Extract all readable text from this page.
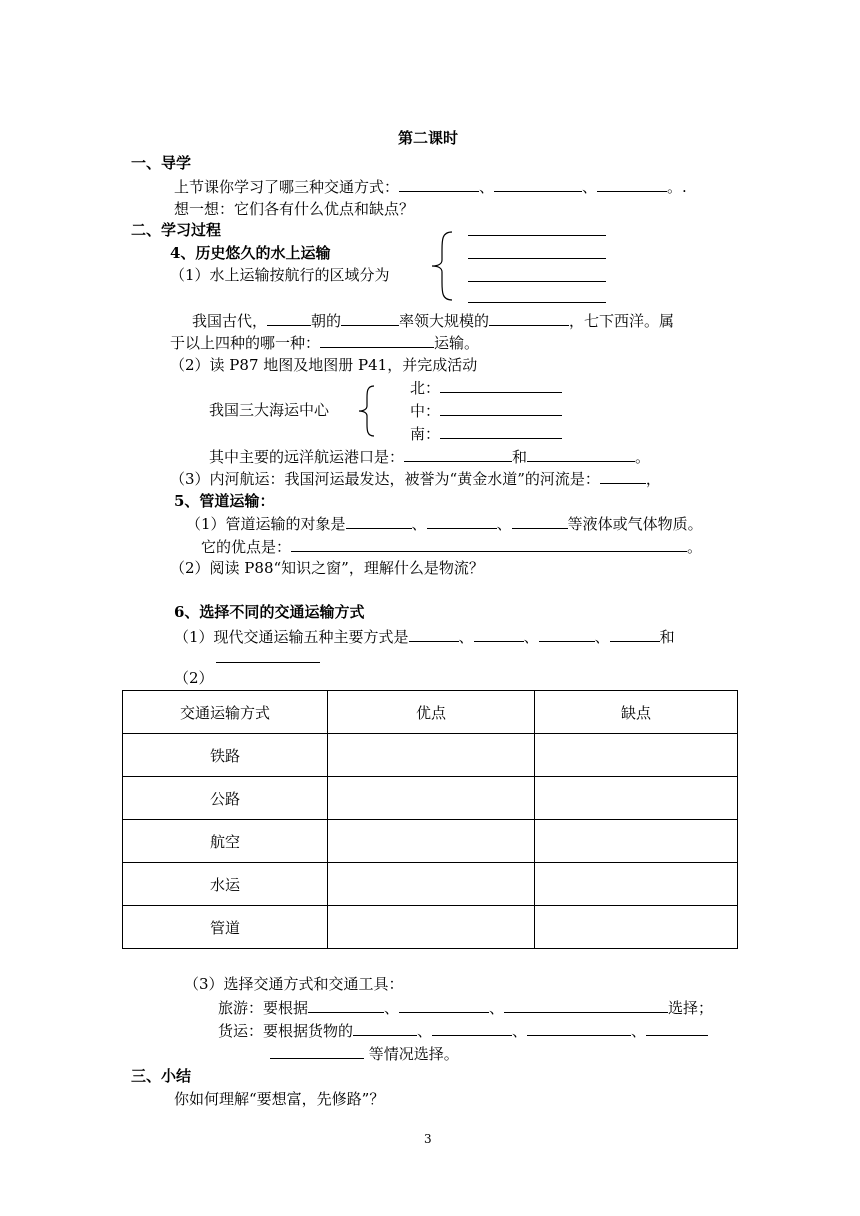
第二课时
一、导学
上节课你学习了哪三种交通方式：	、	、	。.
想一想：它们各有什么优点和缺点？
二、学习过程
4、历史悠久的水上运输
（1）水上运输按航行的区域分为
我国古代，	朝的	率领大规模的	，七下西洋。属
于以上四种的哪一种：	运输。
（2）读 P87 地图及地图册 P41，并完成活动
我国三大海运中心
北：
中：
南：
其中主要的远洋航运港口是：	和	。
（3）内河航运：我国河运最发达，被誉为“黄金水道”的河流是：	，
5、管道运输：
（1）管道运输的对象是	、	、	等液体或气体物质。
它的优点是：	。
（2）阅读 P88“知识之窗”，理解什么是物流？
6、选择不同的交通运输方式
（1）现代交通运输五种主要方式是	、	、	、	和
（2）
交通运输方式	优点	缺点
铁路		
公路		
航空		
水运		
管道		
（3）选择交通方式和交通工具：
旅游：要根据	、	、	选择；
货运：要根据货物的	、	、	、
等情况选择。
三、小结
你如何理解“要想富，先修路”？
3
